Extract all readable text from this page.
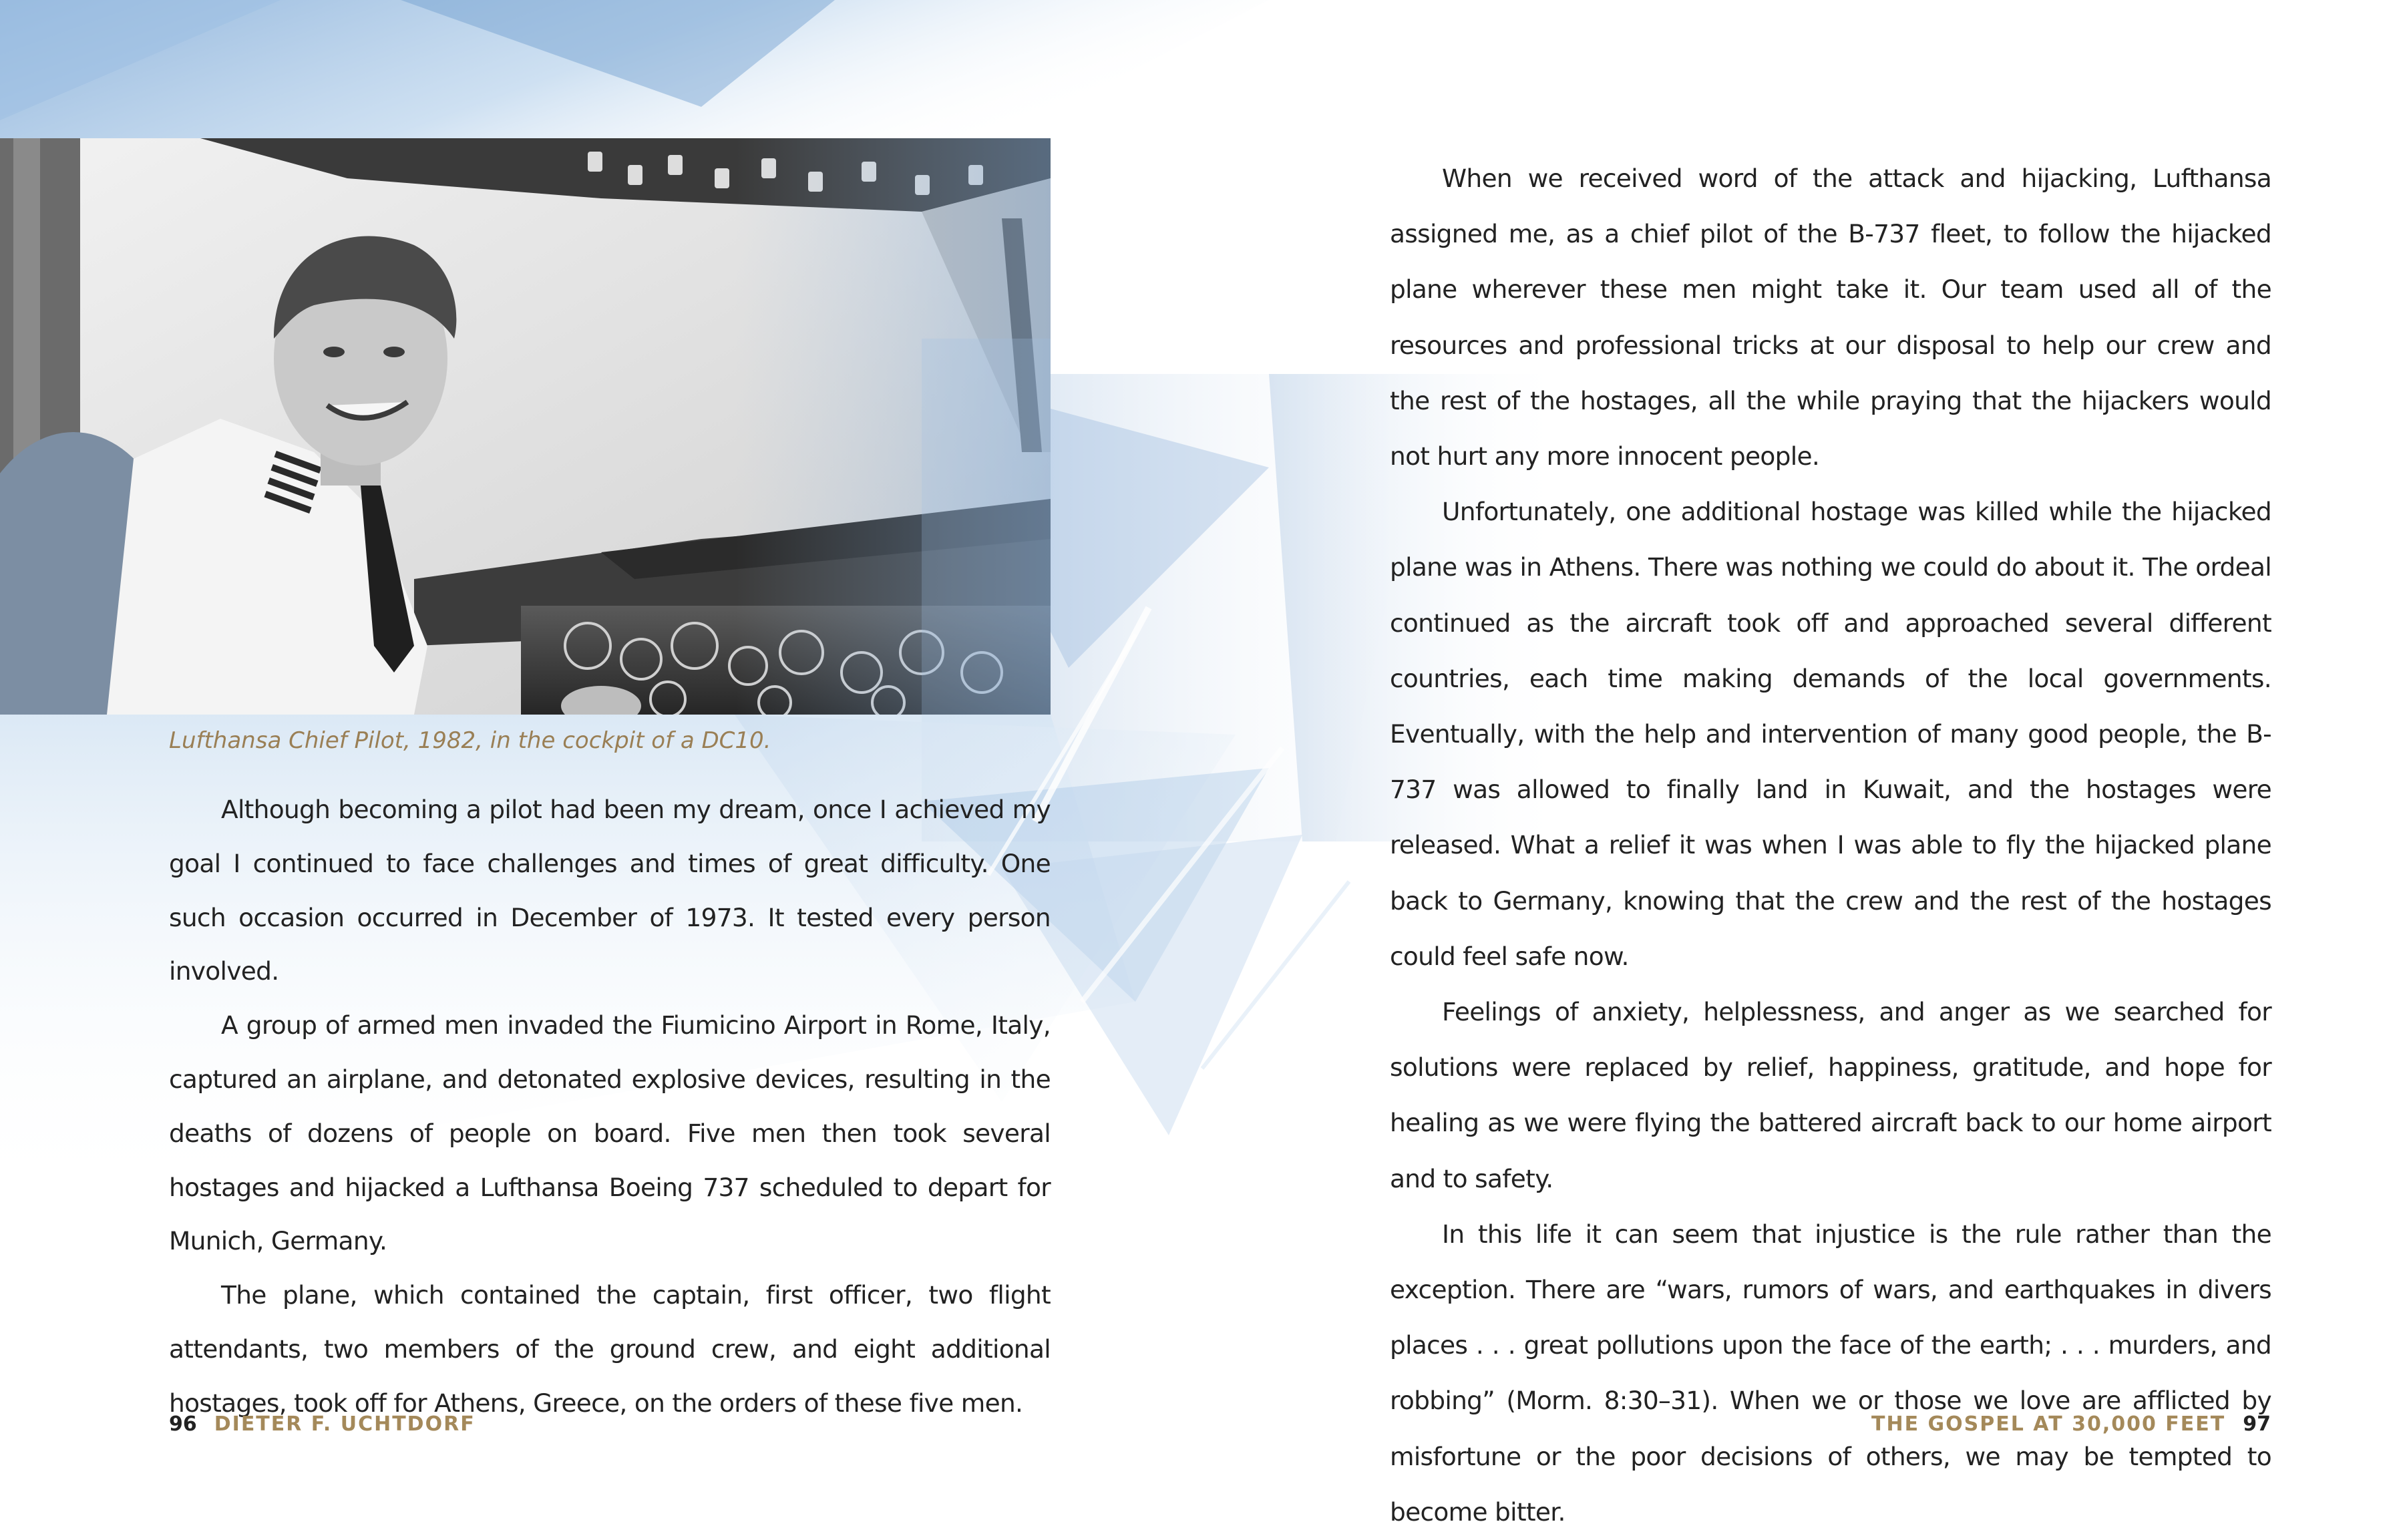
Lufthansa Chief Pilot, 1982, in the cockpit of a DC10.

Although becoming a pilot had been my dream, once I achieved my goal I continued to face challenges and times of great difficulty. One such occasion occurred in December of 1973. It tested every person involved.

A group of armed men invaded the Fiumicino Airport in Rome, Italy, captured an airplane, and detonated explosive devices, resulting in the deaths of dozens of people on board. Five men then took several hostages and hijacked a Lufthansa Boeing 737 scheduled to depart for Munich, Germany.

The plane, which contained the captain, first officer, two flight attendants, two members of the ground crew, and eight additional hostages, took off for Athens, Greece, on the orders of these five men.

When we received word of the attack and hijacking, Lufthansa assigned me, as a chief pilot of the B-737 fleet, to follow the hijacked plane wherever these men might take it. Our team used all of the resources and professional tricks at our disposal to help our crew and the rest of the hostages, all the while praying that the hijackers would not hurt any more innocent people.

Unfortunately, one additional hostage was killed while the hijacked plane was in Athens. There was nothing we could do about it. The ordeal continued as the aircraft took off and approached several different countries, each time making demands of the local governments. Eventually, with the help and intervention of many good people, the B-737 was allowed to finally land in Kuwait, and the hostages were released. What a relief it was when I was able to fly the hijacked plane back to Germany, knowing that the crew and the rest of the hostages could feel safe now.

Feelings of anxiety, helplessness, and anger as we searched for solutions were replaced by relief, happiness, gratitude, and hope for healing as we were flying the battered aircraft back to our home airport and to safety.

In this life it can seem that injustice is the rule rather than the exception. There are “wars, rumors of wars, and earthquakes in divers places . . . great pollutions upon the face of the earth; . . . murders, and robbing” (Morm. 8:30–31). When we or those we love are afflicted by misfortune or the poor decisions of others, we may be tempted to become bitter.

96 DIETER F. UCHTDORF	THE GOSPEL AT 30,000 FEET 97
